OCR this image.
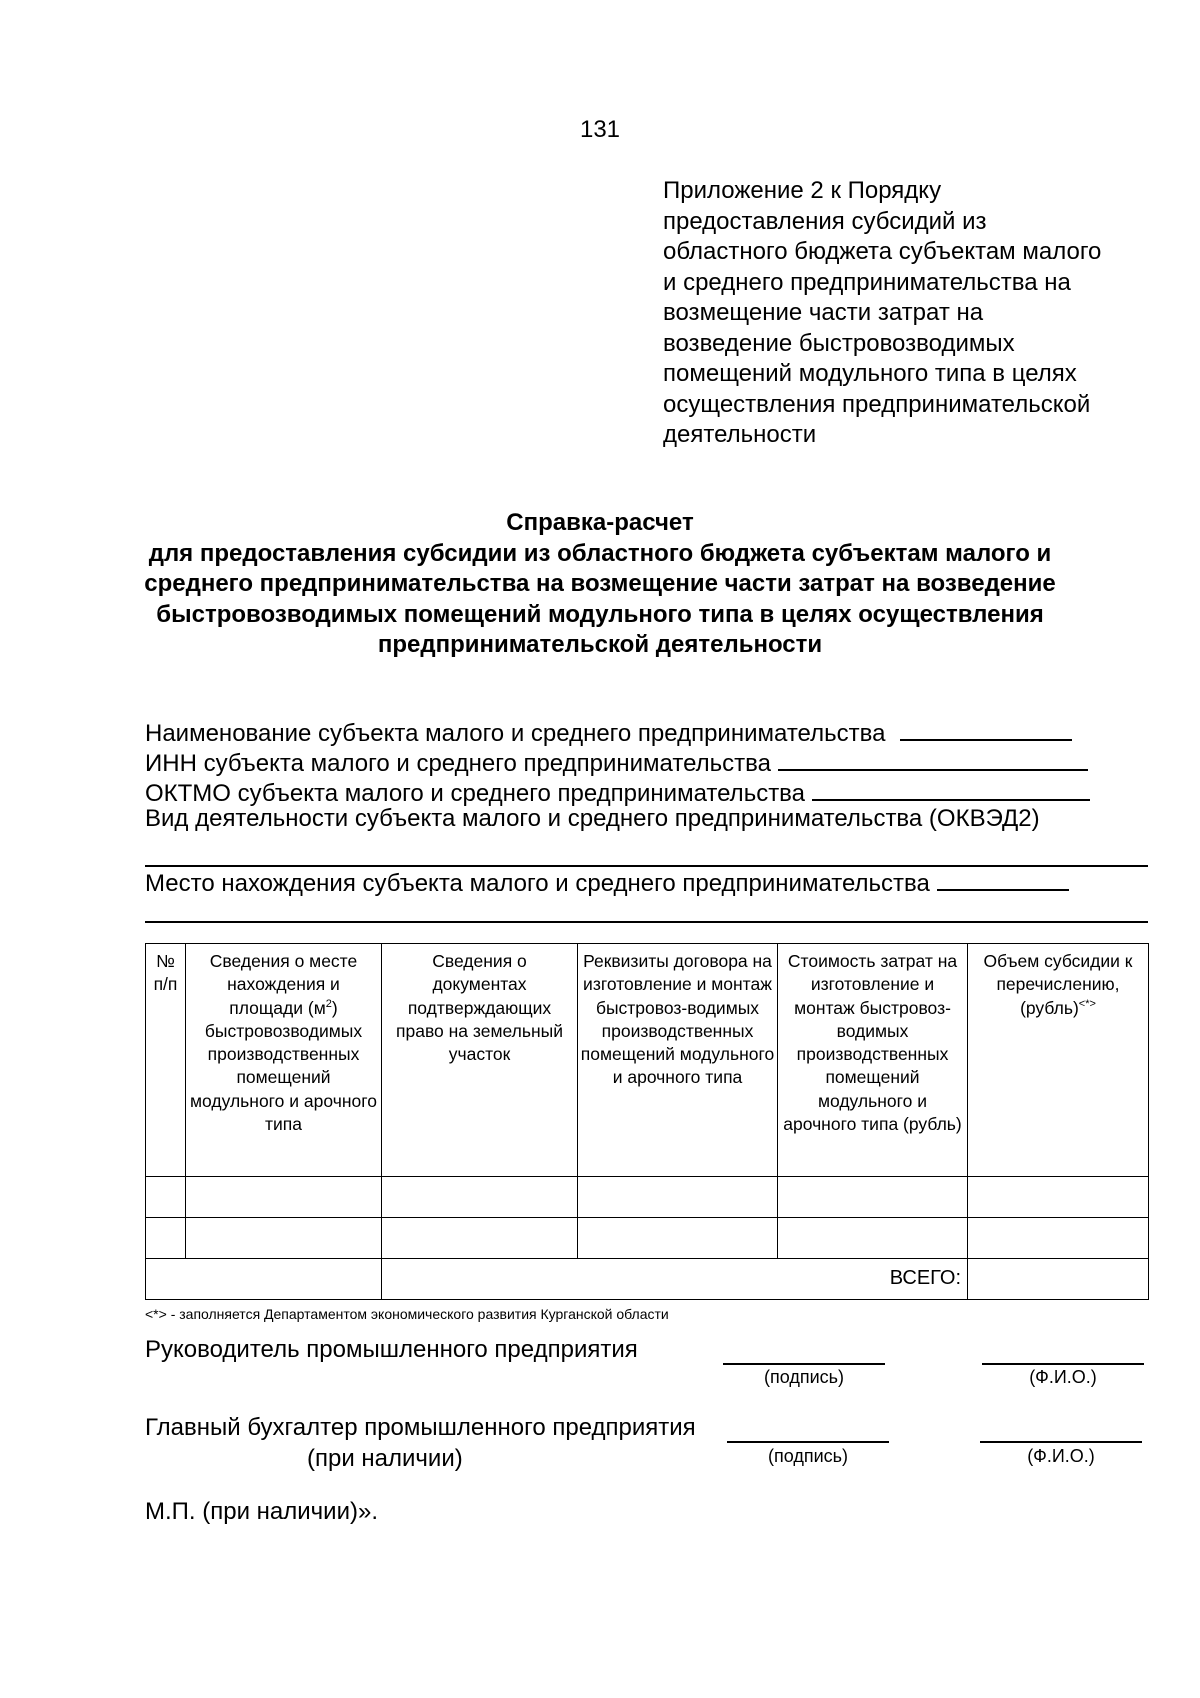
131
Приложение 2 к Порядку
предоставления субсидий из
областного бюджета субъектам малого
и среднего предпринимательства на
возмещение части затрат на
возведение быстровозводимых
помещений модульного типа в целях
осуществления предпринимательской
деятельности
Справка-расчет
для предоставления субсидии из областного бюджета субъектам малого и
среднего предпринимательства на возмещение части затрат на возведение
быстровозводимых помещений модульного типа в целях осуществления
предпринимательской деятельности
Наименование субъекта малого и среднего предпринимательства
ИНН субъекта малого и среднего предпринимательства
ОКТМО субъекта малого и среднего предпринимательства
Вид деятельности субъекта малого и среднего предпринимательства (ОКВЭД2)
Место нахождения субъекта малого и среднего предпринимательства
№ п/п	Сведения о месте нахождения и площади $(м^2)$ быстровозводимых производственных помещений модульного и арочного типа	Сведения о документах подтверждающих право на земельный участок	Реквизиты договора на изготовление и монтаж быстровоз-водимых производственных помещений модульного и арочного типа	Стоимость затрат на изготовление и монтаж быстровоз-водимых производственных помещений модульного и арочного типа (рубль)	Объем субсидии к перечислению, (рубль)<*>

		ВСЕГО:			
<*> - заполняется Департаментом экономического развития Курганской области
Руководитель промышленного предприятия
(подпись)	(Ф.И.О.)
Главный бухгалтер промышленного предприятия
(при наличии)	(подпись)	(Ф.И.О.)
М.П. (при наличии)».
